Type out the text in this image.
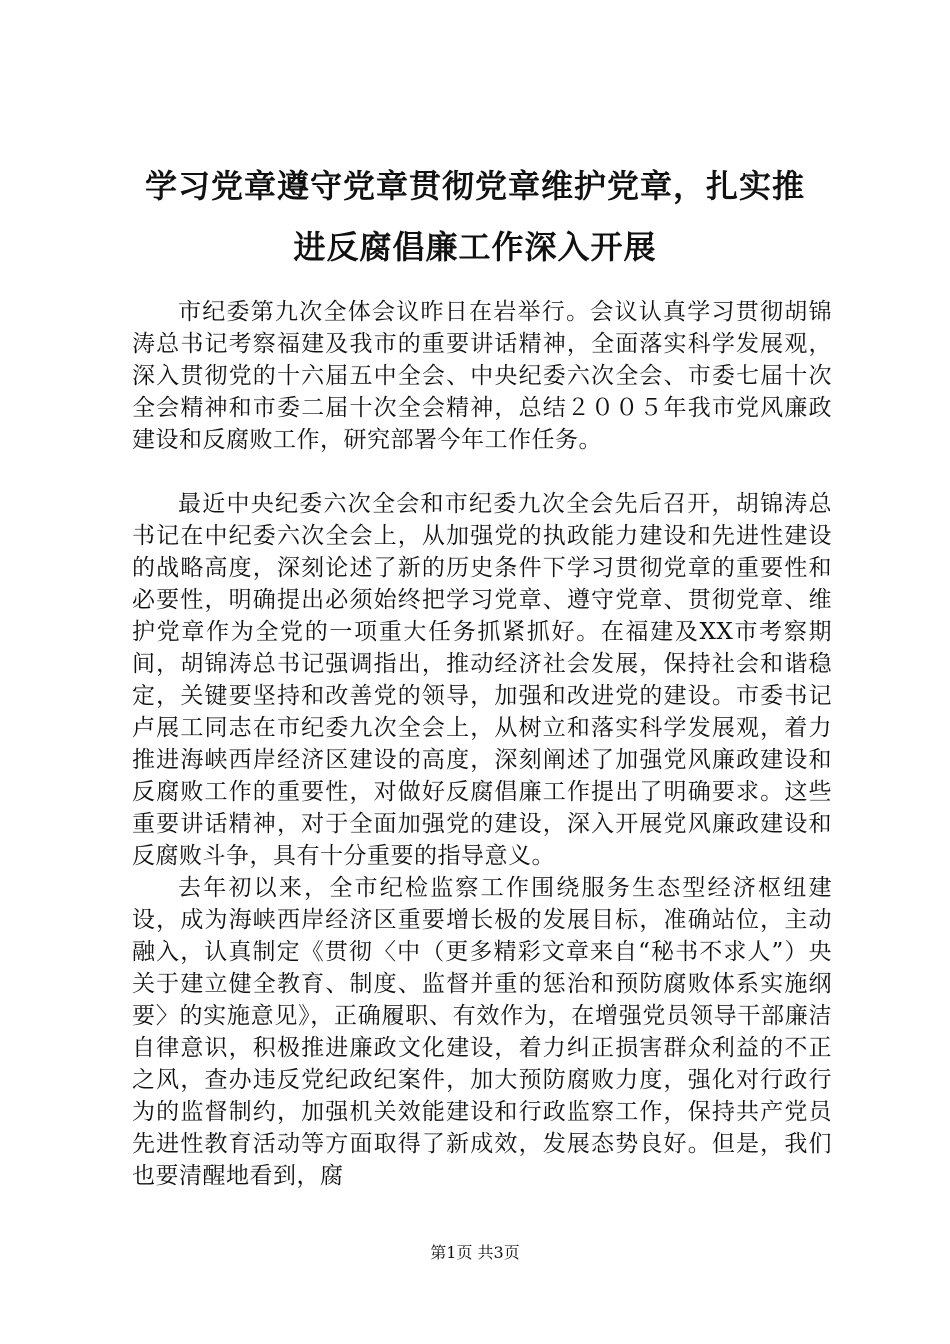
学习党章遵守党章贯彻党章维护党章，扎实推
进反腐倡廉工作深入开展

市纪委第九次全体会议昨日在岩举行。会议认真学习贯彻胡锦涛总书记考察福建及我市的重要讲话精神，全面落实科学发展观，深入贯彻党的十六届五中全会、中央纪委六次全会、市委七届十次全会精神和市委二届十次全会精神，总结２００５年我市党风廉政建设和反腐败工作，研究部署今年工作任务。

最近中央纪委六次全会和市纪委九次全会先后召开，胡锦涛总书记在中纪委六次全会上，从加强党的执政能力建设和先进性建设的战略高度，深刻论述了新的历史条件下学习贯彻党章的重要性和必要性，明确提出必须始终把学习党章、遵守党章、贯彻党章、维护党章作为全党的一项重大任务抓紧抓好。在福建及XX市考察期间，胡锦涛总书记强调指出，推动经济社会发展，保持社会和谐稳定，关键要坚持和改善党的领导，加强和改进党的建设。市委书记卢展工同志在市纪委九次全会上，从树立和落实科学发展观，着力推进海峡西岸经济区建设的高度，深刻阐述了加强党风廉政建设和反腐败工作的重要性，对做好反腐倡廉工作提出了明确要求。这些重要讲话精神，对于全面加强党的建设，深入开展党风廉政建设和反腐败斗争，具有十分重要的指导意义。

去年初以来，全市纪检监察工作围绕服务生态型经济枢纽建设，成为海峡西岸经济区重要增长极的发展目标，准确站位，主动融入，认真制定《贯彻〈中（更多精彩文章来自“秘书不求人”）央关于建立健全教育、制度、监督并重的惩治和预防腐败体系实施纲要〉的实施意见》，正确履职、有效作为，在增强党员领导干部廉洁自律意识，积极推进廉政文化建设，着力纠正损害群众利益的不正之风，查办违反党纪政纪案件，加大预防腐败力度，强化对行政行为的监督制约，加强机关效能建设和行政监察工作，保持共产党员先进性教育活动等方面取得了新成效，发展态势良好。但是，我们也要清醒地看到，腐

第1页 共3页
